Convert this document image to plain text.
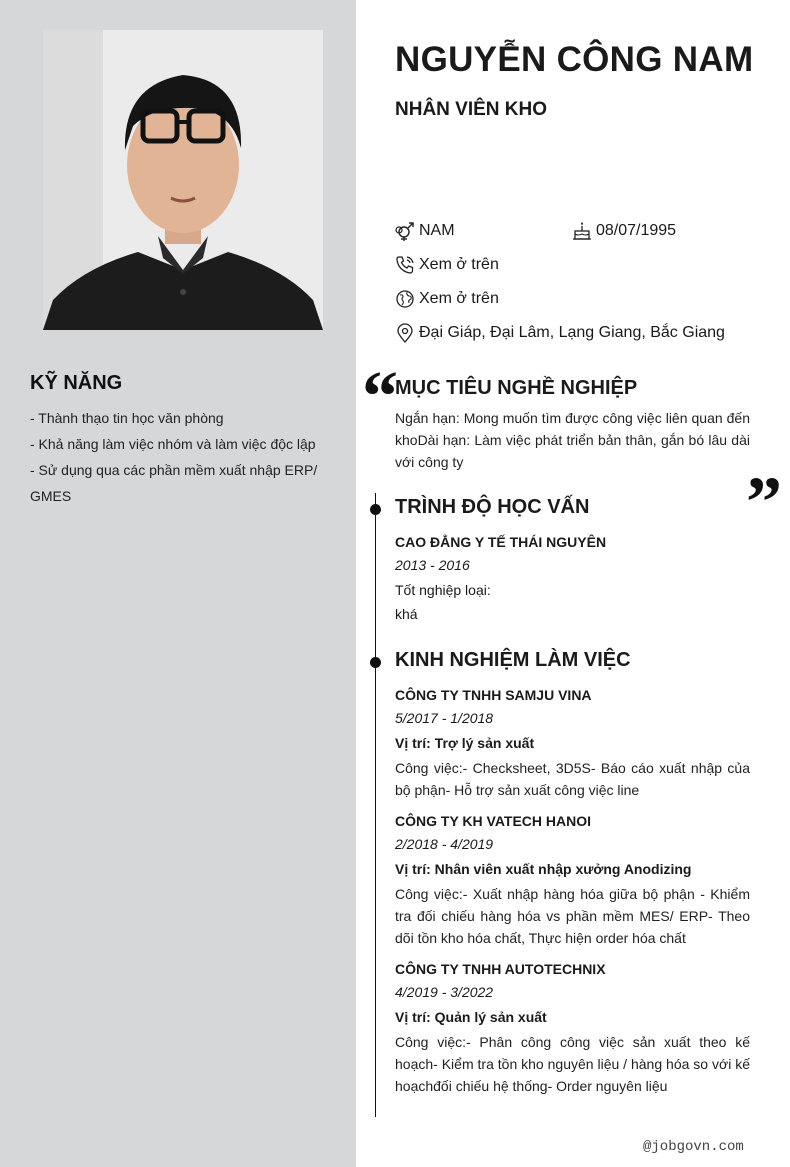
KỸ NĂNG
- Thành thạo tin học văn phòng
- Khả năng làm việc nhóm và làm việc độc lập
- Sử dụng qua các phần mềm xuất nhập ERP/ GMES
NGUYỄN CÔNG NAM
NHÂN VIÊN KHO
NAM	08/07/1995
Xem ở trên
Xem ở trên
Đại Giáp, Đại Lâm, Lạng Giang, Bắc Giang
“
MỤC TIÊU NGHỀ NGHIỆP
Ngắn hạn: Mong muốn tìm được công việc liên quan đến khoDài hạn: Làm việc phát triển bản thân, gắn bó lâu dài với công ty	”
TRÌNH ĐỘ HỌC VẤN
CAO ĐẲNG Y TẾ THÁI NGUYÊN
2013 - 2016
Tốt nghiệp loại:
khá
KINH NGHIỆM LÀM VIỆC
CÔNG TY TNHH SAMJU VINA
5/2017 - 1/2018
Vị trí: Trợ lý sản xuất
Công việc:- Checksheet, 3D5S- Báo cáo xuất nhập của bộ phận- Hỗ trợ sản xuất công việc line
CÔNG TY KH VATECH HANOI
2/2018 - 4/2019
Vị trí: Nhân viên xuất nhập xưởng Anodizing
Công việc:- Xuất nhập hàng hóa giữa bộ phận - Khiểm tra đối chiếu hàng hóa vs phần mềm MES/ ERP- Theo dõi tồn kho hóa chất, Thực hiện order hóa chất
CÔNG TY TNHH AUTOTECHNIX
4/2019 - 3/2022
Vị trí: Quản lý sản xuất
Công việc:- Phân công công việc sản xuất theo kế hoạch- Kiểm tra tồn kho nguyên liệu / hàng hóa so với kế hoạchđối chiếu hệ thống- Order nguyên liệu
@jobgovn.com
